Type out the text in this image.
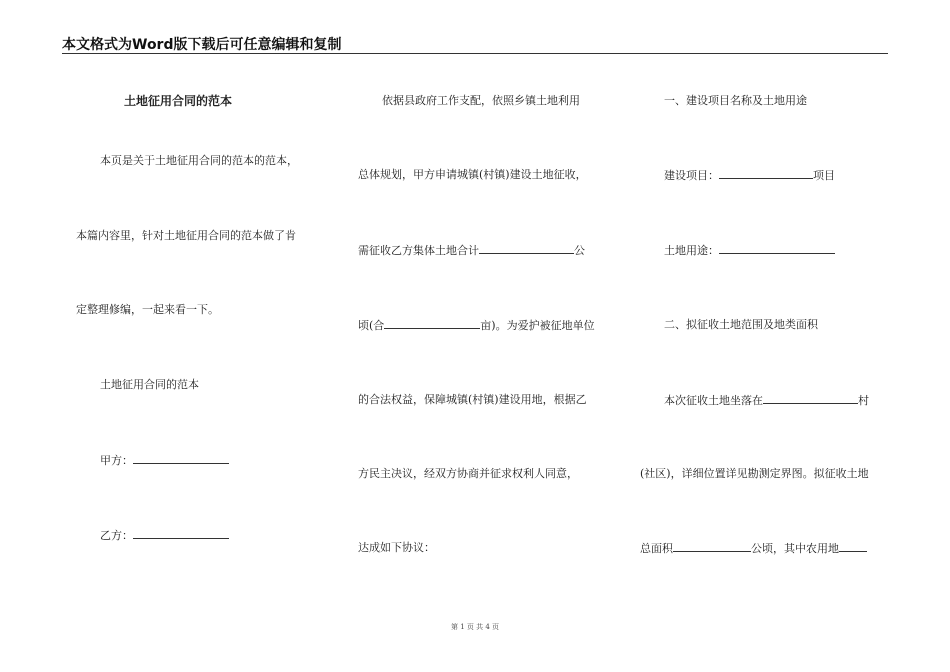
本文格式为Word版下载后可任意编辑和复制
土地征用合同的范本
本页是关于土地征用合同的范本的范本，
本篇内容里，针对土地征用合同的范本做了肯
定整理修编，一起来看一下。
土地征用合同的范本
甲方：
乙方：
依据县政府工作支配，依照乡镇土地利用
总体规划，甲方申请城镇(村镇)建设土地征收，
需征收乙方集体土地合计	公
顷(合	亩)。为爱护被征地单位
的合法权益，保障城镇(村镇)建设用地，根据乙
方民主决议，经双方协商并征求权利人同意，
达成如下协议：
一、建设项目名称及土地用途
建设项目：	项目
土地用途：
二、拟征收土地范围及地类面积
本次征收土地坐落在	村
(社区)，详细位置详见勘测定界图。拟征收土地
总面积	公顷，其中农用地
第 1 页 共 4 页
